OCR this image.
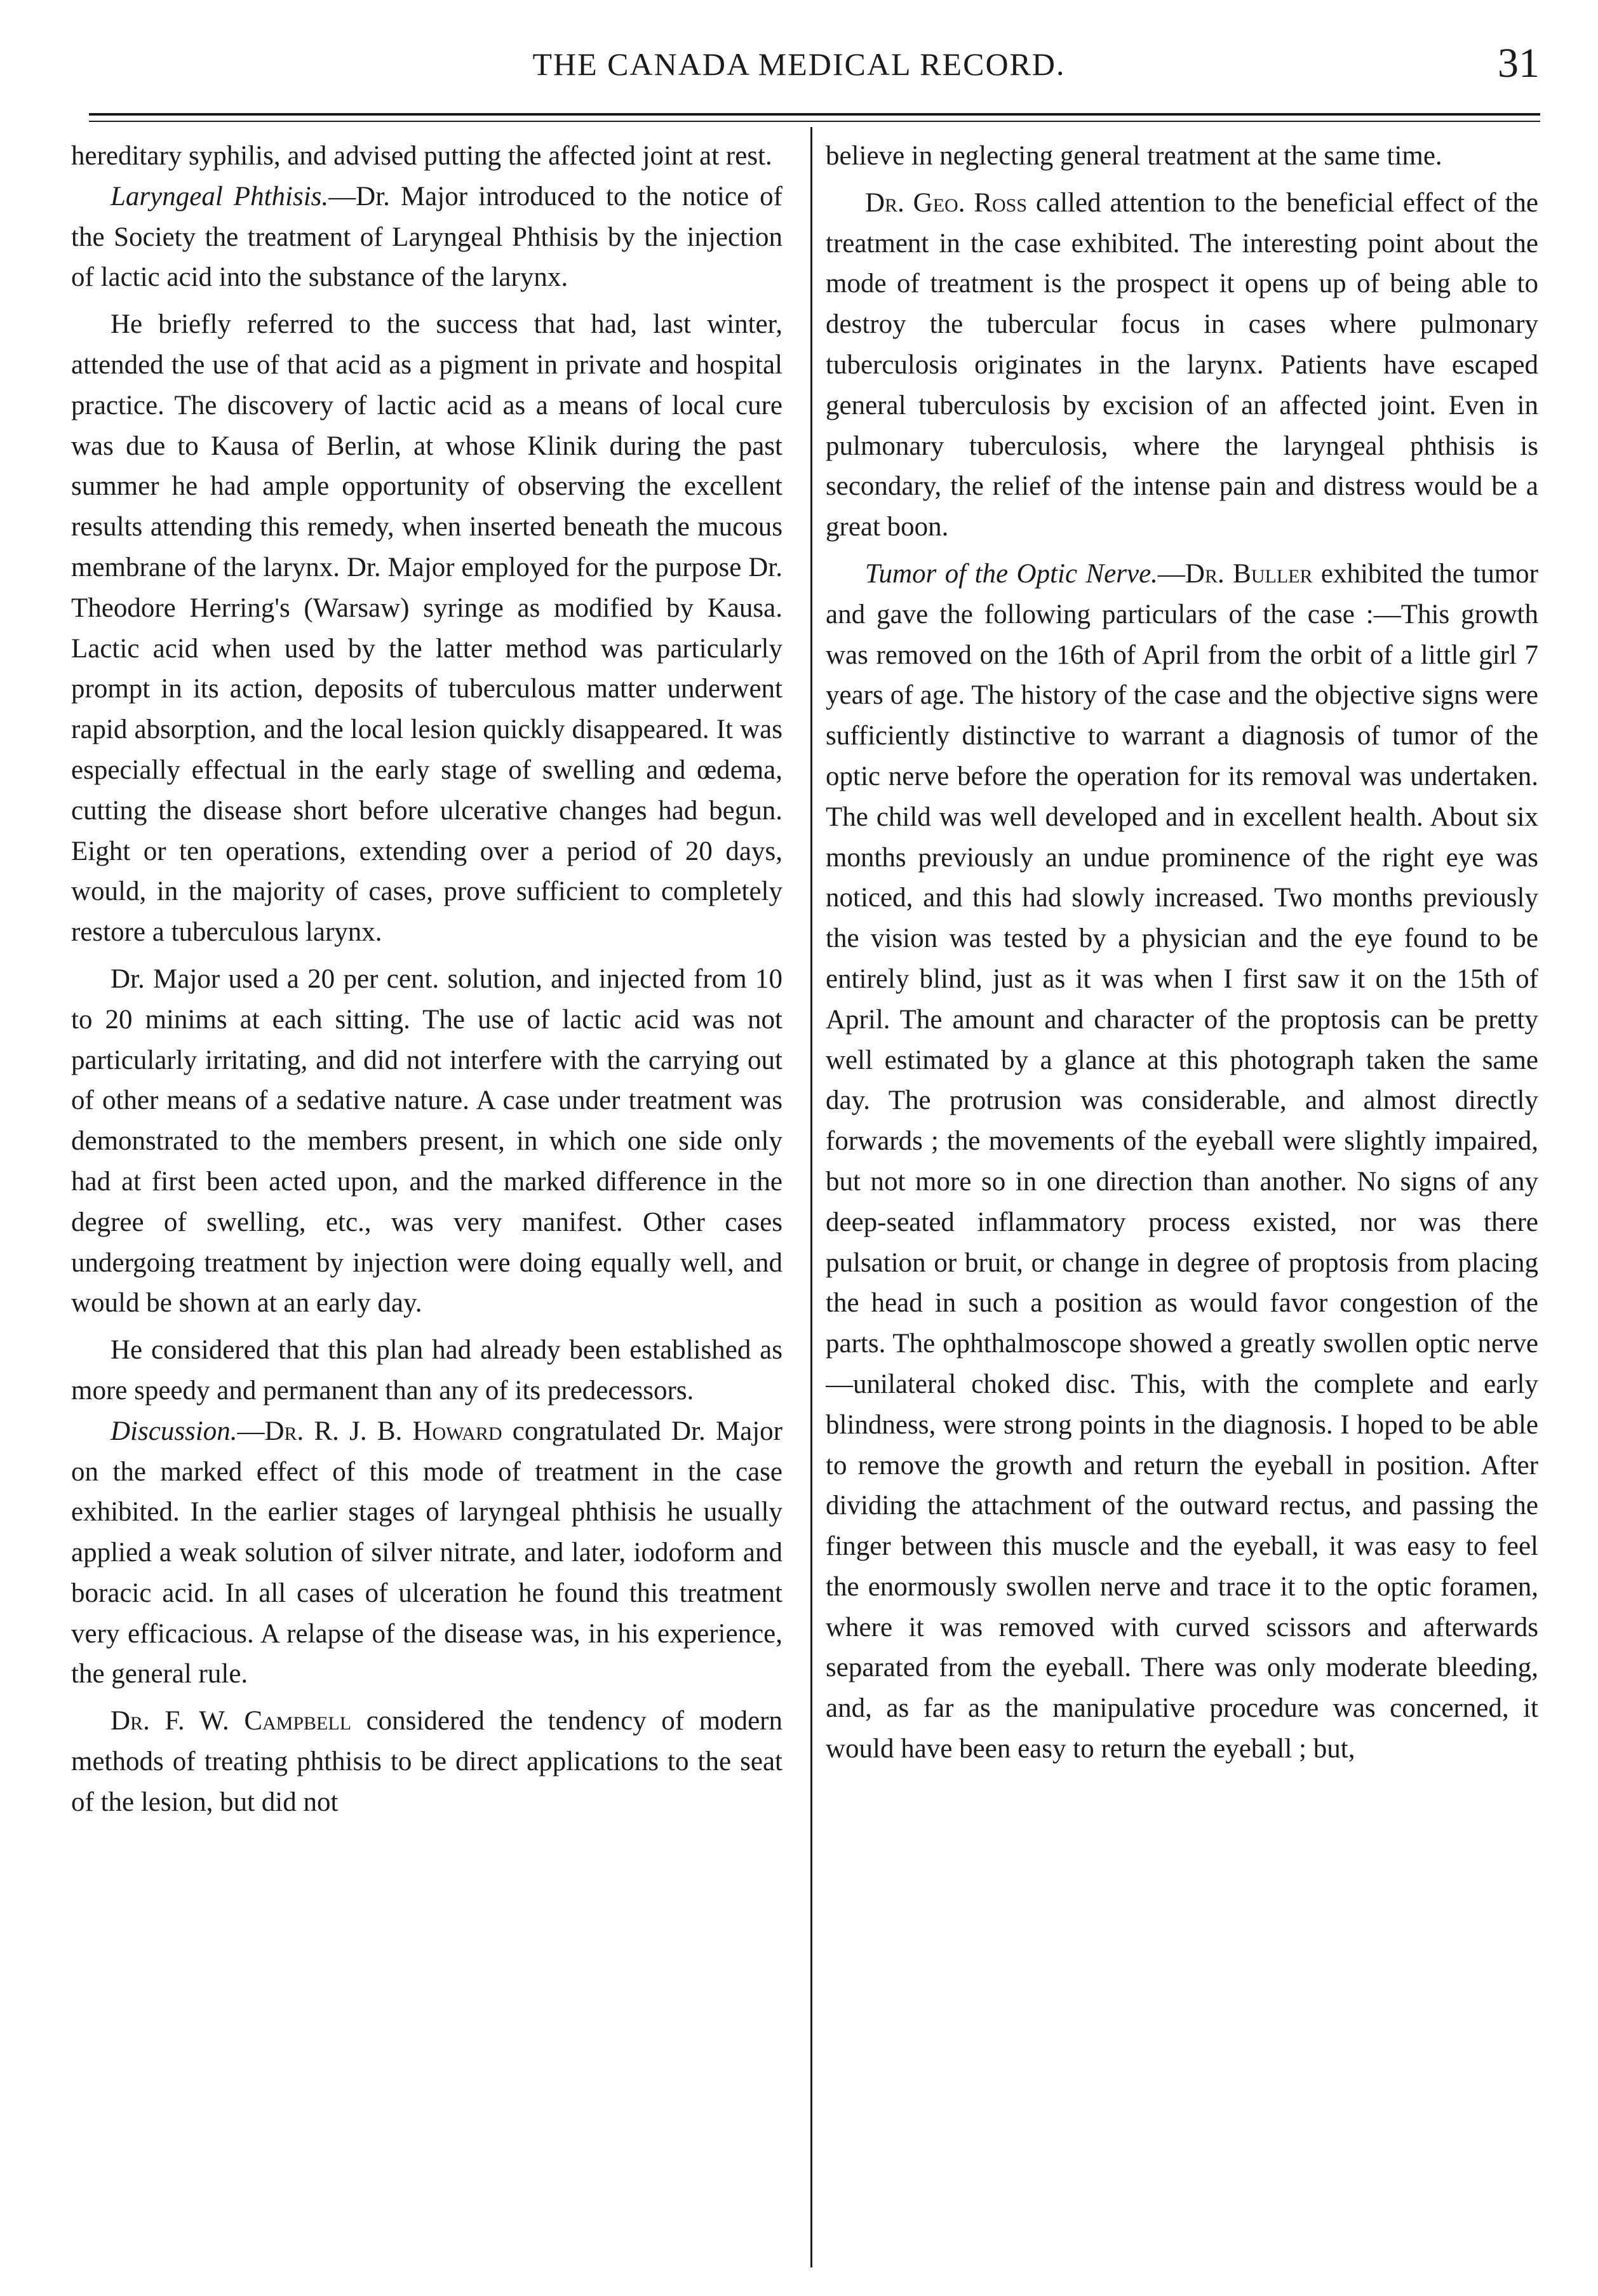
THE CANADA MEDICAL RECORD.	31

hereditary syphilis, and advised putting the affected joint at rest.

Laryngeal Phthisis.—Dr. Major introduced to the notice of the Society the treatment of Laryngeal Phthisis by the injection of lactic acid into the substance of the larynx.

He briefly referred to the success that had, last winter, attended the use of that acid as a pigment in private and hospital practice. The discovery of lactic acid as a means of local cure was due to Kausa of Berlin, at whose Klinik during the past summer he had ample opportunity of observing the excellent results attending this remedy, when inserted beneath the mucous membrane of the larynx. Dr. Major employed for the purpose Dr. Theodore Herring's (Warsaw) syringe as modified by Kausa. Lactic acid when used by the latter method was particularly prompt in its action, deposits of tuberculous matter underwent rapid absorption, and the local lesion quickly disappeared. It was especially effectual in the early stage of swelling and œdema, cutting the disease short before ulcerative changes had begun. Eight or ten operations, extending over a period of 20 days, would, in the majority of cases, prove sufficient to completely restore a tuberculous larynx.

Dr. Major used a 20 per cent. solution, and injected from 10 to 20 minims at each sitting. The use of lactic acid was not particularly irritating, and did not interfere with the carrying out of other means of a sedative nature. A case under treatment was demonstrated to the members present, in which one side only had at first been acted upon, and the marked difference in the degree of swelling, etc., was very manifest. Other cases undergoing treatment by injection were doing equally well, and would be shown at an early day.

He considered that this plan had already been established as more speedy and permanent than any of its predecessors.

Discussion.—Dr. R. J. B. Howard congratulated Dr. Major on the marked effect of this mode of treatment in the case exhibited. In the earlier stages of laryngeal phthisis he usually applied a weak solution of silver nitrate, and later, iodoform and boracic acid. In all cases of ulceration he found this treatment very efficacious. A relapse of the disease was, in his experience, the general rule.

Dr. F. W. Campbell considered the tendency of modern methods of treating phthisis to be direct applications to the seat of the lesion, but did not

believe in neglecting general treatment at the same time.

Dr. Geo. Ross called attention to the beneficial effect of the treatment in the case exhibited. The interesting point about the mode of treatment is the prospect it opens up of being able to destroy the tubercular focus in cases where pulmonary tuberculosis originates in the larynx. Patients have escaped general tuberculosis by excision of an affected joint. Even in pulmonary tuberculosis, where the laryngeal phthisis is secondary, the relief of the intense pain and distress would be a great boon.

Tumor of the Optic Nerve.—Dr. Buller exhibited the tumor and gave the following particulars of the case :—This growth was removed on the 16th of April from the orbit of a little girl 7 years of age. The history of the case and the objective signs were sufficiently distinctive to warrant a diagnosis of tumor of the optic nerve before the operation for its removal was undertaken. The child was well developed and in excellent health. About six months previously an undue prominence of the right eye was noticed, and this had slowly increased. Two months previously the vision was tested by a physician and the eye found to be entirely blind, just as it was when I first saw it on the 15th of April. The amount and character of the proptosis can be pretty well estimated by a glance at this photograph taken the same day. The protrusion was considerable, and almost directly forwards ; the movements of the eyeball were slightly impaired, but not more so in one direction than another. No signs of any deep-seated inflammatory process existed, nor was there pulsation or bruit, or change in degree of proptosis from placing the head in such a position as would favor congestion of the parts. The ophthalmoscope showed a greatly swollen optic nerve—unilateral choked disc. This, with the complete and early blindness, were strong points in the diagnosis. I hoped to be able to remove the growth and return the eyeball in position. After dividing the attachment of the outward rectus, and passing the finger between this muscle and the eyeball, it was easy to feel the enormously swollen nerve and trace it to the optic foramen, where it was removed with curved scissors and afterwards separated from the eyeball. There was only moderate bleeding, and, as far as the manipulative procedure was concerned, it would have been easy to return the eyeball ; but,
